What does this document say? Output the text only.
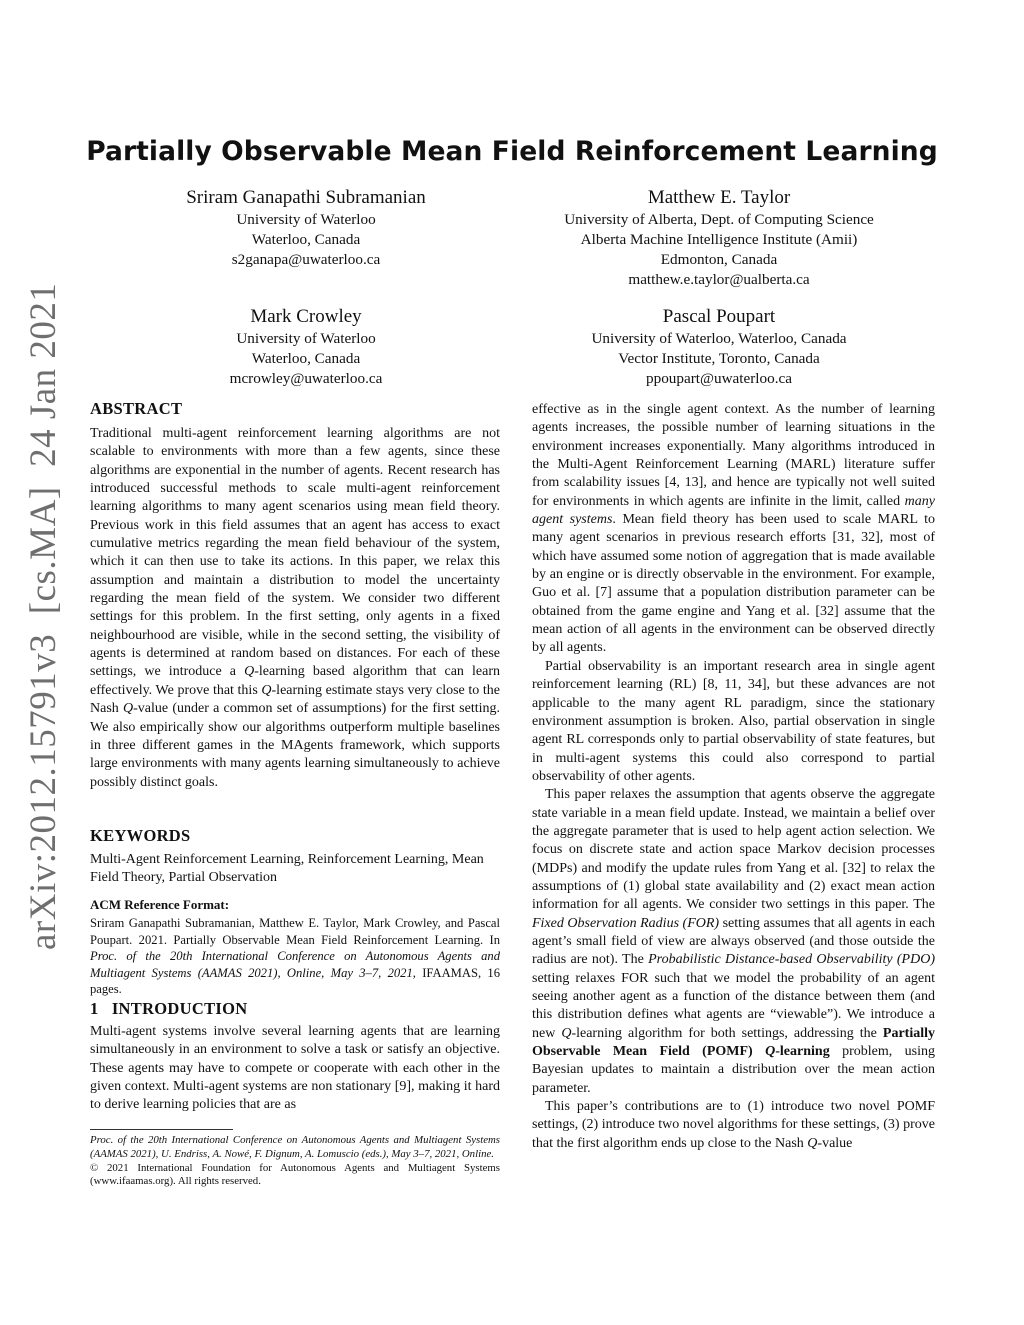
arXiv:2012.15791v3  [cs.MA]  24 Jan 2021
Partially Observable Mean Field Reinforcement Learning
Sriram Ganapathi Subramanian
University of Waterloo
Waterloo, Canada
s2ganapa@uwaterloo.ca
Matthew E. Taylor
University of Alberta, Dept. of Computing Science
Alberta Machine Intelligence Institute (Amii)
Edmonton, Canada
matthew.e.taylor@ualberta.ca
Mark Crowley
University of Waterloo
Waterloo, Canada
mcrowley@uwaterloo.ca
Pascal Poupart
University of Waterloo, Waterloo, Canada
Vector Institute, Toronto, Canada
ppoupart@uwaterloo.ca
ABSTRACT

Traditional multi-agent reinforcement learning algorithms are not scalable to environments with more than a few agents, since these algorithms are exponential in the number of agents. Recent research has introduced successful methods to scale multi-agent reinforcement learning algorithms to many agent scenarios using mean field theory. Previous work in this field assumes that an agent has access to exact cumulative metrics regarding the mean field behaviour of the system, which it can then use to take its actions. In this paper, we relax this assumption and maintain a distribution to model the uncertainty regarding the mean field of the system. We consider two different settings for this problem. In the first setting, only agents in a fixed neighbourhood are visible, while in the second setting, the visibility of agents is determined at random based on distances. For each of these settings, we introduce a Q-learning based algorithm that can learn effectively. We prove that this Q-learning estimate stays very close to the Nash Q-value (under a common set of assumptions) for the first setting. We also empirically show our algorithms outperform multiple baselines in three different games in the MAgents framework, which supports large environments with many agents learning simultaneously to achieve possibly distinct goals.

KEYWORDS

Multi-Agent Reinforcement Learning, Reinforcement Learning, Mean Field Theory, Partial Observation

ACM Reference Format:

Sriram Ganapathi Subramanian, Matthew E. Taylor, Mark Crowley, and Pascal Poupart. 2021. Partially Observable Mean Field Reinforcement Learning. In Proc. of the 20th International Conference on Autonomous Agents and Multiagent Systems (AAMAS 2021), Online, May 3–7, 2021, IFAAMAS, 16 pages.

1   INTRODUCTION

Multi-agent systems involve several learning agents that are learning simultaneously in an environment to solve a task or satisfy an objective. These agents may have to compete or cooperate with each other in the given context. Multi-agent systems are non stationary [9], making it hard to derive learning policies that are as

Proc. of the 20th International Conference on Autonomous Agents and Multiagent Systems (AAMAS 2021), U. Endriss, A. Nowé, F. Dignum, A. Lomuscio (eds.), May 3–7, 2021, Online.
© 2021 International Foundation for Autonomous Agents and Multiagent Systems (www.ifaamas.org). All rights reserved.

effective as in the single agent context. As the number of learning agents increases, the possible number of learning situations in the environment increases exponentially. Many algorithms introduced in the Multi-Agent Reinforcement Learning (MARL) literature suffer from scalability issues [4, 13], and hence are typically not well suited for environments in which agents are infinite in the limit, called many agent systems. Mean field theory has been used to scale MARL to many agent scenarios in previous research efforts [31, 32], most of which have assumed some notion of aggregation that is made available by an engine or is directly observable in the environment. For example, Guo et al. [7] assume that a population distribution parameter can be obtained from the game engine and Yang et al. [32] assume that the mean action of all agents in the environment can be observed directly by all agents.

Partial observability is an important research area in single agent reinforcement learning (RL) [8, 11, 34], but these advances are not applicable to the many agent RL paradigm, since the stationary environment assumption is broken. Also, partial observation in single agent RL corresponds only to partial observability of state features, but in multi-agent systems this could also correspond to partial observability of other agents.

This paper relaxes the assumption that agents observe the aggregate state variable in a mean field update. Instead, we maintain a belief over the aggregate parameter that is used to help agent action selection. We focus on discrete state and action space Markov decision processes (MDPs) and modify the update rules from Yang et al. [32] to relax the assumptions of (1) global state availability and (2) exact mean action information for all agents. We consider two settings in this paper. The Fixed Observation Radius (FOR) setting assumes that all agents in each agent’s small field of view are always observed (and those outside the radius are not). The Probabilistic Distance-based Observability (PDO) setting relaxes FOR such that we model the probability of an agent seeing another agent as a function of the distance between them (and this distribution defines what agents are “viewable”). We introduce a new Q-learning algorithm for both settings, addressing the Partially Observable Mean Field (POMF) Q-learning problem, using Bayesian updates to maintain a distribution over the mean action parameter.

This paper’s contributions are to (1) introduce two novel POMF settings, (2) introduce two novel algorithms for these settings, (3) prove that the first algorithm ends up close to the Nash Q-value
